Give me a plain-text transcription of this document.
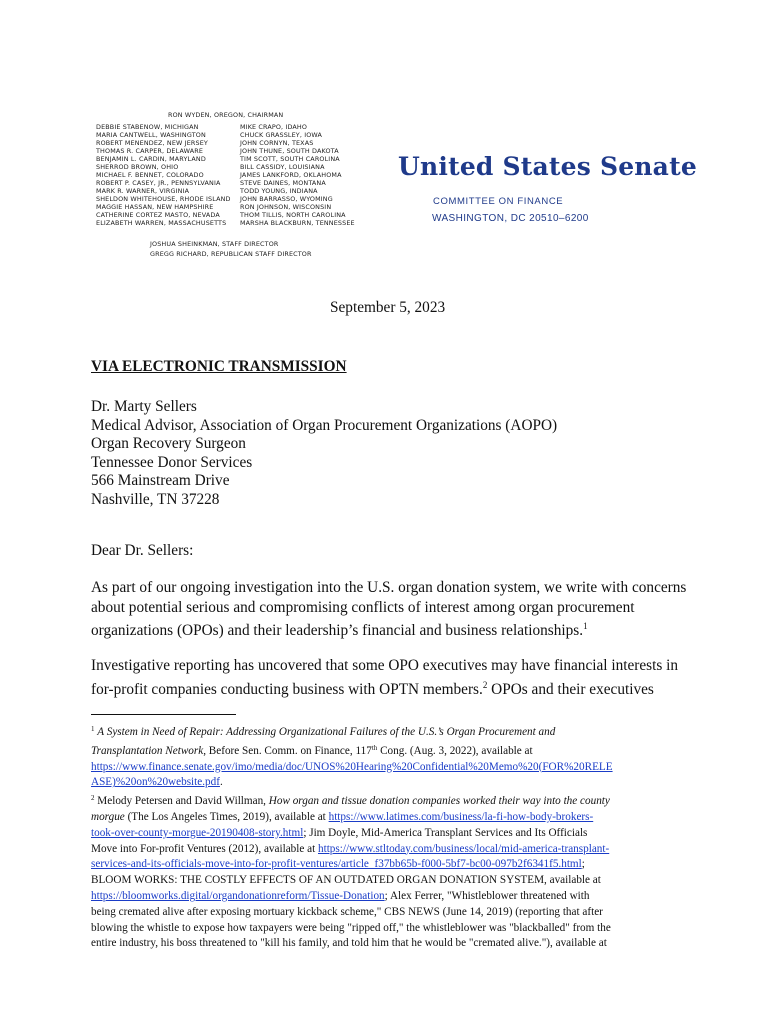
RON WYDEN, OREGON, CHAIRMAN
DEBBIE STABENOW, MICHIGAN
MARIA CANTWELL, WASHINGTON
ROBERT MENENDEZ, NEW JERSEY
THOMAS R. CARPER, DELAWARE
BENJAMIN L. CARDIN, MARYLAND
SHERROD BROWN, OHIO
MICHAEL F. BENNET, COLORADO
ROBERT P. CASEY, JR., PENNSYLVANIA
MARK R. WARNER, VIRGINIA
SHELDON WHITEHOUSE, RHODE ISLAND
MAGGIE HASSAN, NEW HAMPSHIRE
CATHERINE CORTEZ MASTO, NEVADA
ELIZABETH WARREN, MASSACHUSETTS
MIKE CRAPO, IDAHO
CHUCK GRASSLEY, IOWA
JOHN CORNYN, TEXAS
JOHN THUNE, SOUTH DAKOTA
TIM SCOTT, SOUTH CAROLINA
BILL CASSIDY, LOUISIANA
JAMES LANKFORD, OKLAHOMA
STEVE DAINES, MONTANA
TODD YOUNG, INDIANA
JOHN BARRASSO, WYOMING
RON JOHNSON, WISCONSIN
THOM TILLIS, NORTH CAROLINA
MARSHA BLACKBURN, TENNESSEE
JOSHUA SHEINKMAN, STAFF DIRECTOR
GREGG RICHARD, REPUBLICAN STAFF DIRECTOR
United States Senate
COMMITTEE ON FINANCE
WASHINGTON, DC 20510–6200
September 5, 2023
VIA ELECTRONIC TRANSMISSION
Dr. Marty Sellers
Medical Advisor, Association of Organ Procurement Organizations (AOPO)
Organ Recovery Surgeon
Tennessee Donor Services
566 Mainstream Drive
Nashville, TN 37228
Dear Dr. Sellers:
As part of our ongoing investigation into the U.S. organ donation system, we write with concerns
about potential serious and compromising conflicts of interest among organ procurement
organizations (OPOs) and their leadership’s financial and business relationships.$^1$
Investigative reporting has uncovered that some OPO executives may have financial interests in
for-profit companies conducting business with OPTN members.$^2$ OPOs and their executives
$^1$ A System in Need of Repair: Addressing Organizational Failures of the U.S.’s Organ Procurement and
Transplantation Network, Before Sen. Comm. on Finance, 117th Cong. (Aug. 3, 2022), available at
https://www.finance.senate.gov/imo/media/doc/UNOS%20Hearing%20Confidential%20Memo%20(FOR%20RELE
ASE)%20on%20website.pdf.
$^2$ Melody Petersen and David Willman, How organ and tissue donation companies worked their way into the county
morgue (The Los Angeles Times, 2019), available at https://www.latimes.com/business/la-fi-how-body-brokers-
took-over-county-morgue-20190408-story.html; Jim Doyle, Mid-America Transplant Services and Its Officials
Move into For-profit Ventures (2012), available at https://www.stltoday.com/business/local/mid-america-transplant-
services-and-its-officials-move-into-for-profit-ventures/article_f37bb65b-f000-5bf7-bc00-097b2f6341f5.html;
BLOOM WORKS: THE COSTLY EFFECTS OF AN OUTDATED ORGAN DONATION SYSTEM, available at
https://bloomworks.digital/organdonationreform/Tissue-Donation; Alex Ferrer, "Whistleblower threatened with
being cremated alive after exposing mortuary kickback scheme," CBS NEWS (June 14, 2019) (reporting that after
blowing the whistle to expose how taxpayers were being "ripped off," the whistleblower was "blackballed" from the
entire industry, his boss threatened to "kill his family, and told him that he would be "cremated alive."), available at
